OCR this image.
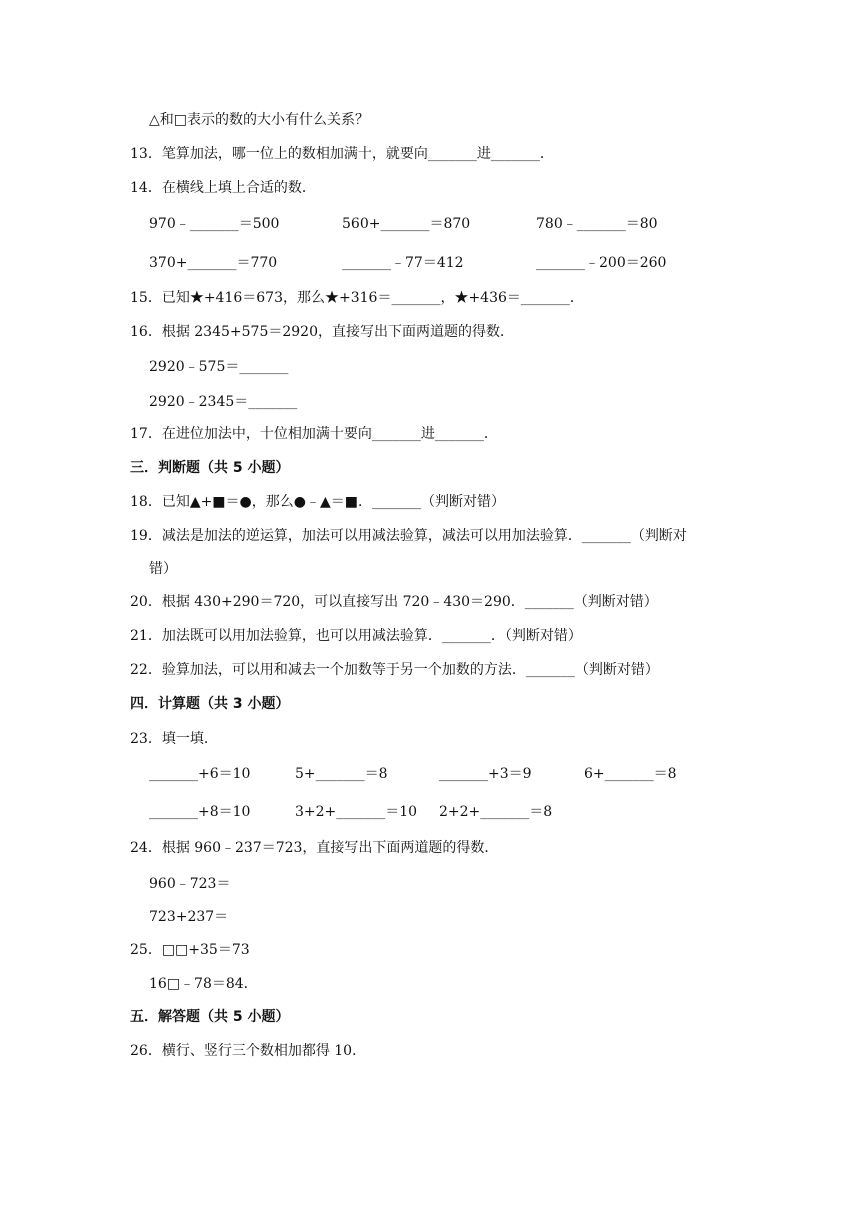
△和□表示的数的大小有什么关系？
13．笔算加法，哪一位上的数相加满十，就要向_______进_______．
14．在横线上填上合适的数．
970﹣_______＝500	560+_______＝870	780﹣_______＝80
370+_______＝770	_______﹣77＝412	_______﹣200＝260
15．已知★+416＝673，那么★+316＝_______，★+436＝_______．
16．根据 2345+575＝2920，直接写出下面两道题的得数．
2920﹣575＝_______
2920﹣2345＝_______
17．在进位加法中，十位相加满十要向_______进_______．
三．判断题（共 5 小题）
18．已知▲+■＝●，那么●﹣▲＝■．_______（判断对错）
19．减法是加法的逆运算，加法可以用减法验算，减法可以用加法验算．_______（判断对
错）
20．根据 430+290＝720，可以直接写出 720﹣430＝290．_______（判断对错）
21．加法既可以用加法验算，也可以用减法验算．_______．（判断对错）
22．验算加法，可以用和减去一个加数等于另一个加数的方法．_______（判断对错）
四．计算题（共 3 小题）
23．填一填．
_______+6＝10	5+_______＝8	_______+3＝9	6+_______＝8
_______+8＝10	3+2+_______＝10 2+2+_______＝8
24．根据 960﹣237＝723，直接写出下面两道题的得数．
960﹣723＝
723+237＝
25．□□+35＝73
16□﹣78＝84．
五．解答题（共 5 小题）
26．横行、竖行三个数相加都得 10．
